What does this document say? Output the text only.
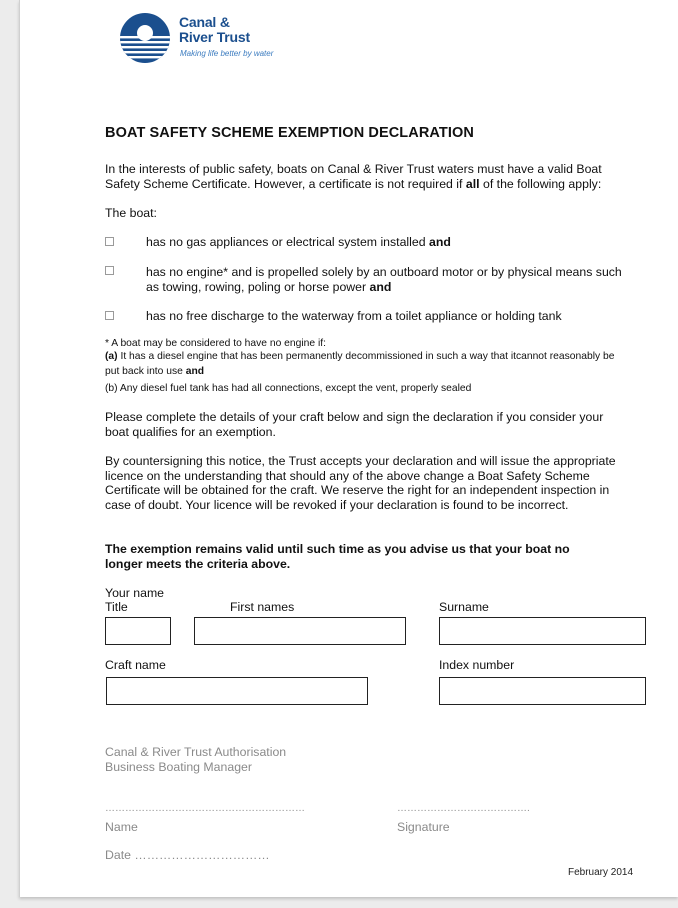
Canal &
River Trust
Making life better by water
BOAT SAFETY SCHEME EXEMPTION DECLARATION
In the interests of public safety, boats on Canal & River Trust waters must have a valid Boat Safety Scheme Certificate. However, a certificate is not required if all of the following apply:
The boat:
has no gas appliances or electrical system installed and
has no engine* and is propelled solely by an outboard motor or by physical means such as towing, rowing, poling or horse power and
has no free discharge to the waterway from a toilet appliance or holding tank
* A boat may be considered to have no engine if:
(a) It has a diesel engine that has been permanently decommissioned in such a way that itcannot reasonably be put back into use and
(b) Any diesel fuel tank has had all connections, except the vent, properly sealed
Please complete the details of your craft below and sign the declaration if you consider your boat qualifies for an exemption.
By countersigning this notice, the Trust accepts your declaration and will issue the appropriate licence on the understanding that should any of the above change a Boat Safety Scheme Certificate will be obtained for the craft. We reserve the right for an independent inspection in case of doubt. Your licence will be revoked if your declaration is found to be incorrect.
The exemption remains valid until such time as you advise us that your boat no longer meets the criteria above.
Your name
Title	First names	Surname
Craft name	Index number
Canal & River Trust Authorisation
Business Boating Manager
……………………………………………………	………………………………….
Name	Signature
Date ……………………………
February 2014
